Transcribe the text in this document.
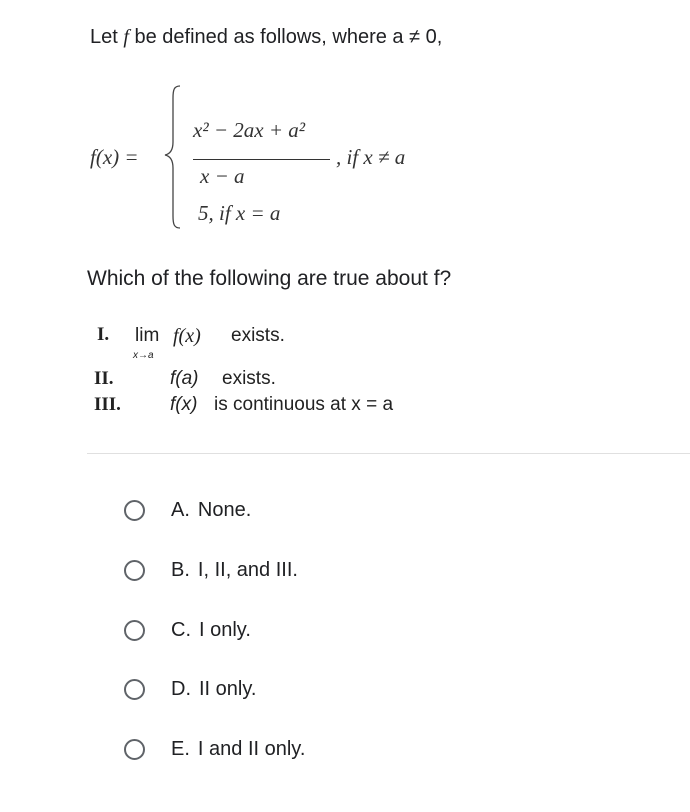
Let f be defined as follows, where a ≠ 0,
f(x) =
x² − 2ax + a²
x − a
, if x ≠ a
5, if x = a
Which of the following are true about f?
I. lim
x→a
f(x) exists.
II.	f(a) exists.
III.	f(x) is continuous at x = a
A. None.
B. I, II, and III.
C. I only.
D. II only.
E. I and II only.
